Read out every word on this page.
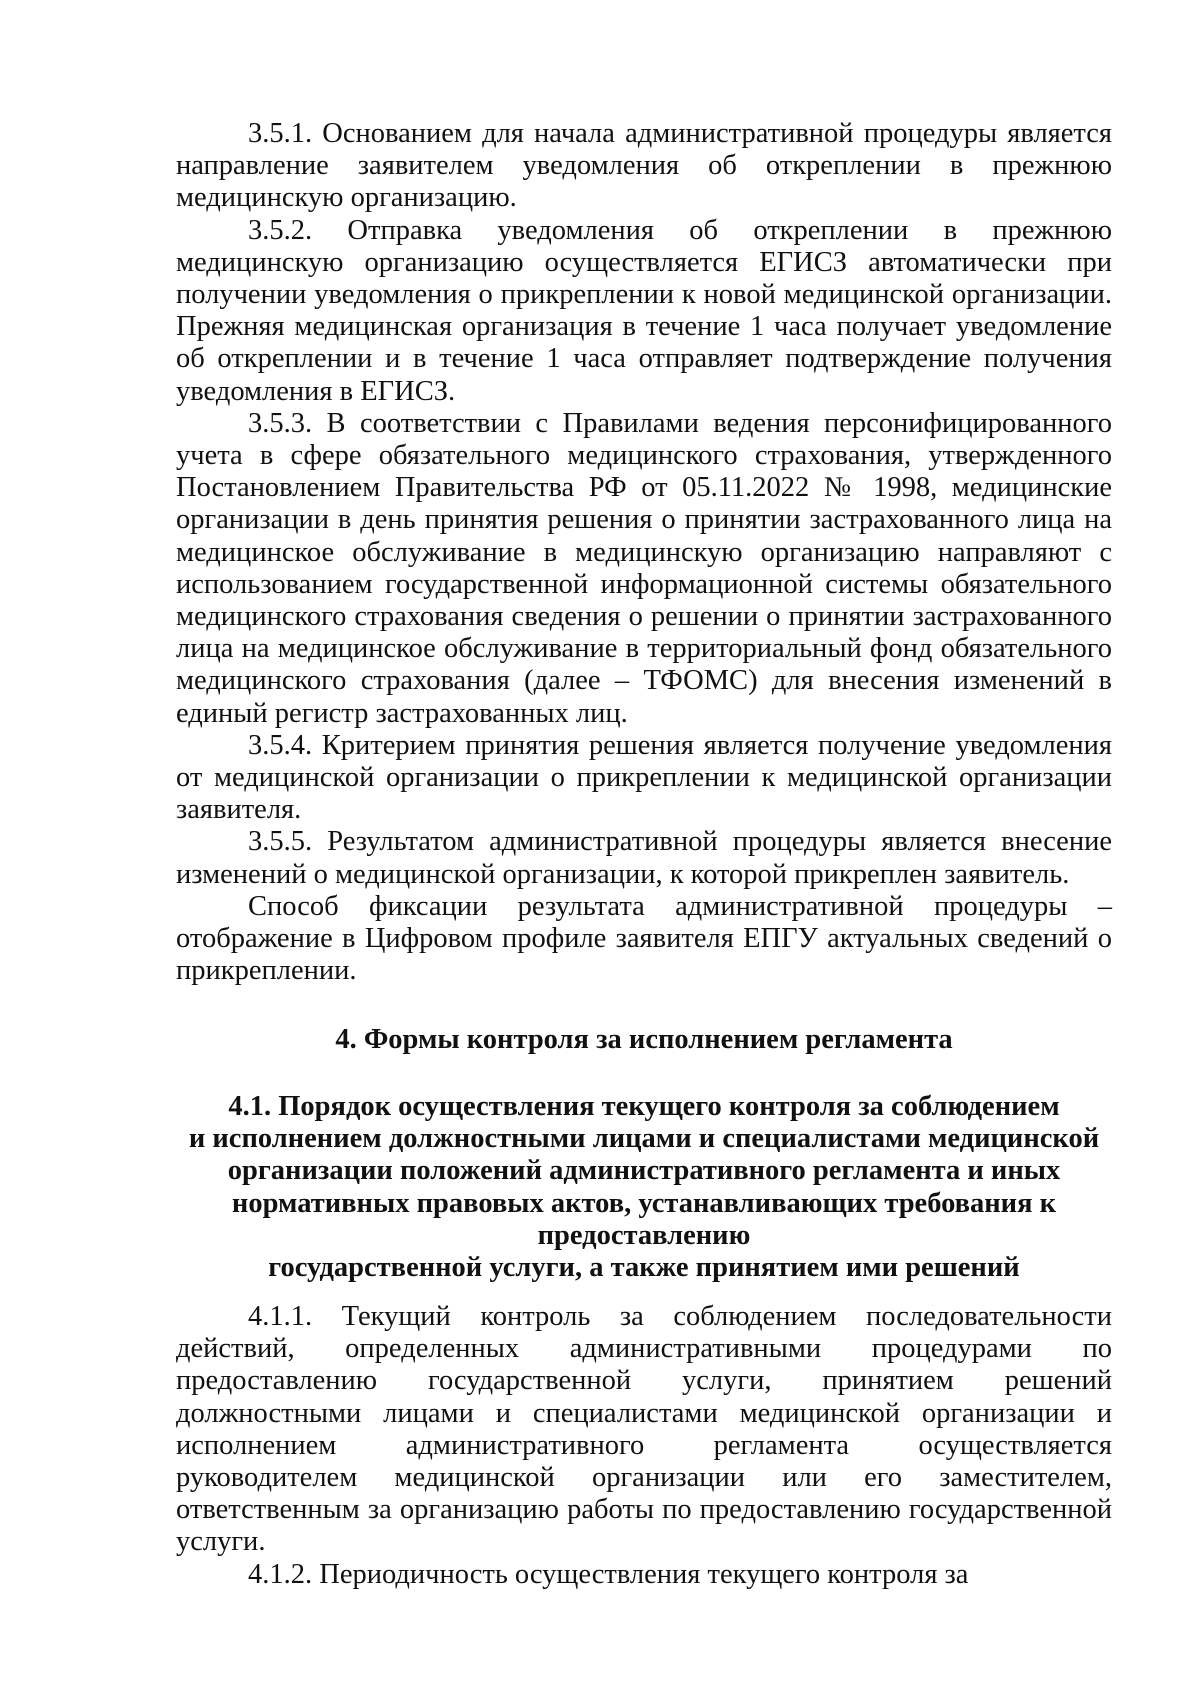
3.5.1. Основанием для начала административной процедуры является направление заявителем уведомления об откреплении в прежнюю медицинскую организацию.

3.5.2. Отправка уведомления об откреплении в прежнюю медицинскую организацию осуществляется ЕГИСЗ автоматически при получении уведомления о прикреплении к новой медицинской организации. Прежняя медицинская организация в течение 1 часа получает уведомление об откреплении и в течение 1 часа отправляет подтверждение получения уведомления в ЕГИСЗ.

3.5.3. В соответствии с Правилами ведения персонифицированного учета в сфере обязательного медицинского страхования, утвержденного Постановлением Правительства РФ от 05.11.2022 № 1998, медицинские организации в день принятия решения о принятии застрахованного лица на медицинское обслуживание в медицинскую организацию направляют с использованием государственной информационной системы обязательного медицинского страхования сведения о решении о принятии застрахованного лица на медицинское обслуживание в территориальный фонд обязательного медицинского страхования (далее – ТФОМС) для внесения изменений в единый регистр застрахованных лиц.

3.5.4. Критерием принятия решения является получение уведомления от медицинской организации о прикреплении к медицинской организации заявителя.

3.5.5. Результатом административной процедуры является внесение изменений о медицинской организации, к которой прикреплен заявитель.

Способ фиксации результата административной процедуры – отображение в Цифровом профиле заявителя ЕПГУ актуальных сведений о прикреплении.

4. Формы контроля за исполнением регламента
4.1. Порядок осуществления текущего контроля за соблюдением
и исполнением должностными лицами и специалистами медицинской
организации положений административного регламента и иных
нормативных правовых актов, устанавливающих требования к
предоставлению
государственной услуги, а также принятием ими решений

4.1.1. Текущий контроль за соблюдением последовательности действий, определенных административными процедурами по предоставлению государственной услуги, принятием решений должностными лицами и специалистами медицинской организации и исполнением административного регламента осуществляется руководителем медицинской организации или его заместителем, ответственным за организацию работы по предоставлению государственной услуги.

4.1.2. Периодичность осуществления текущего контроля за
